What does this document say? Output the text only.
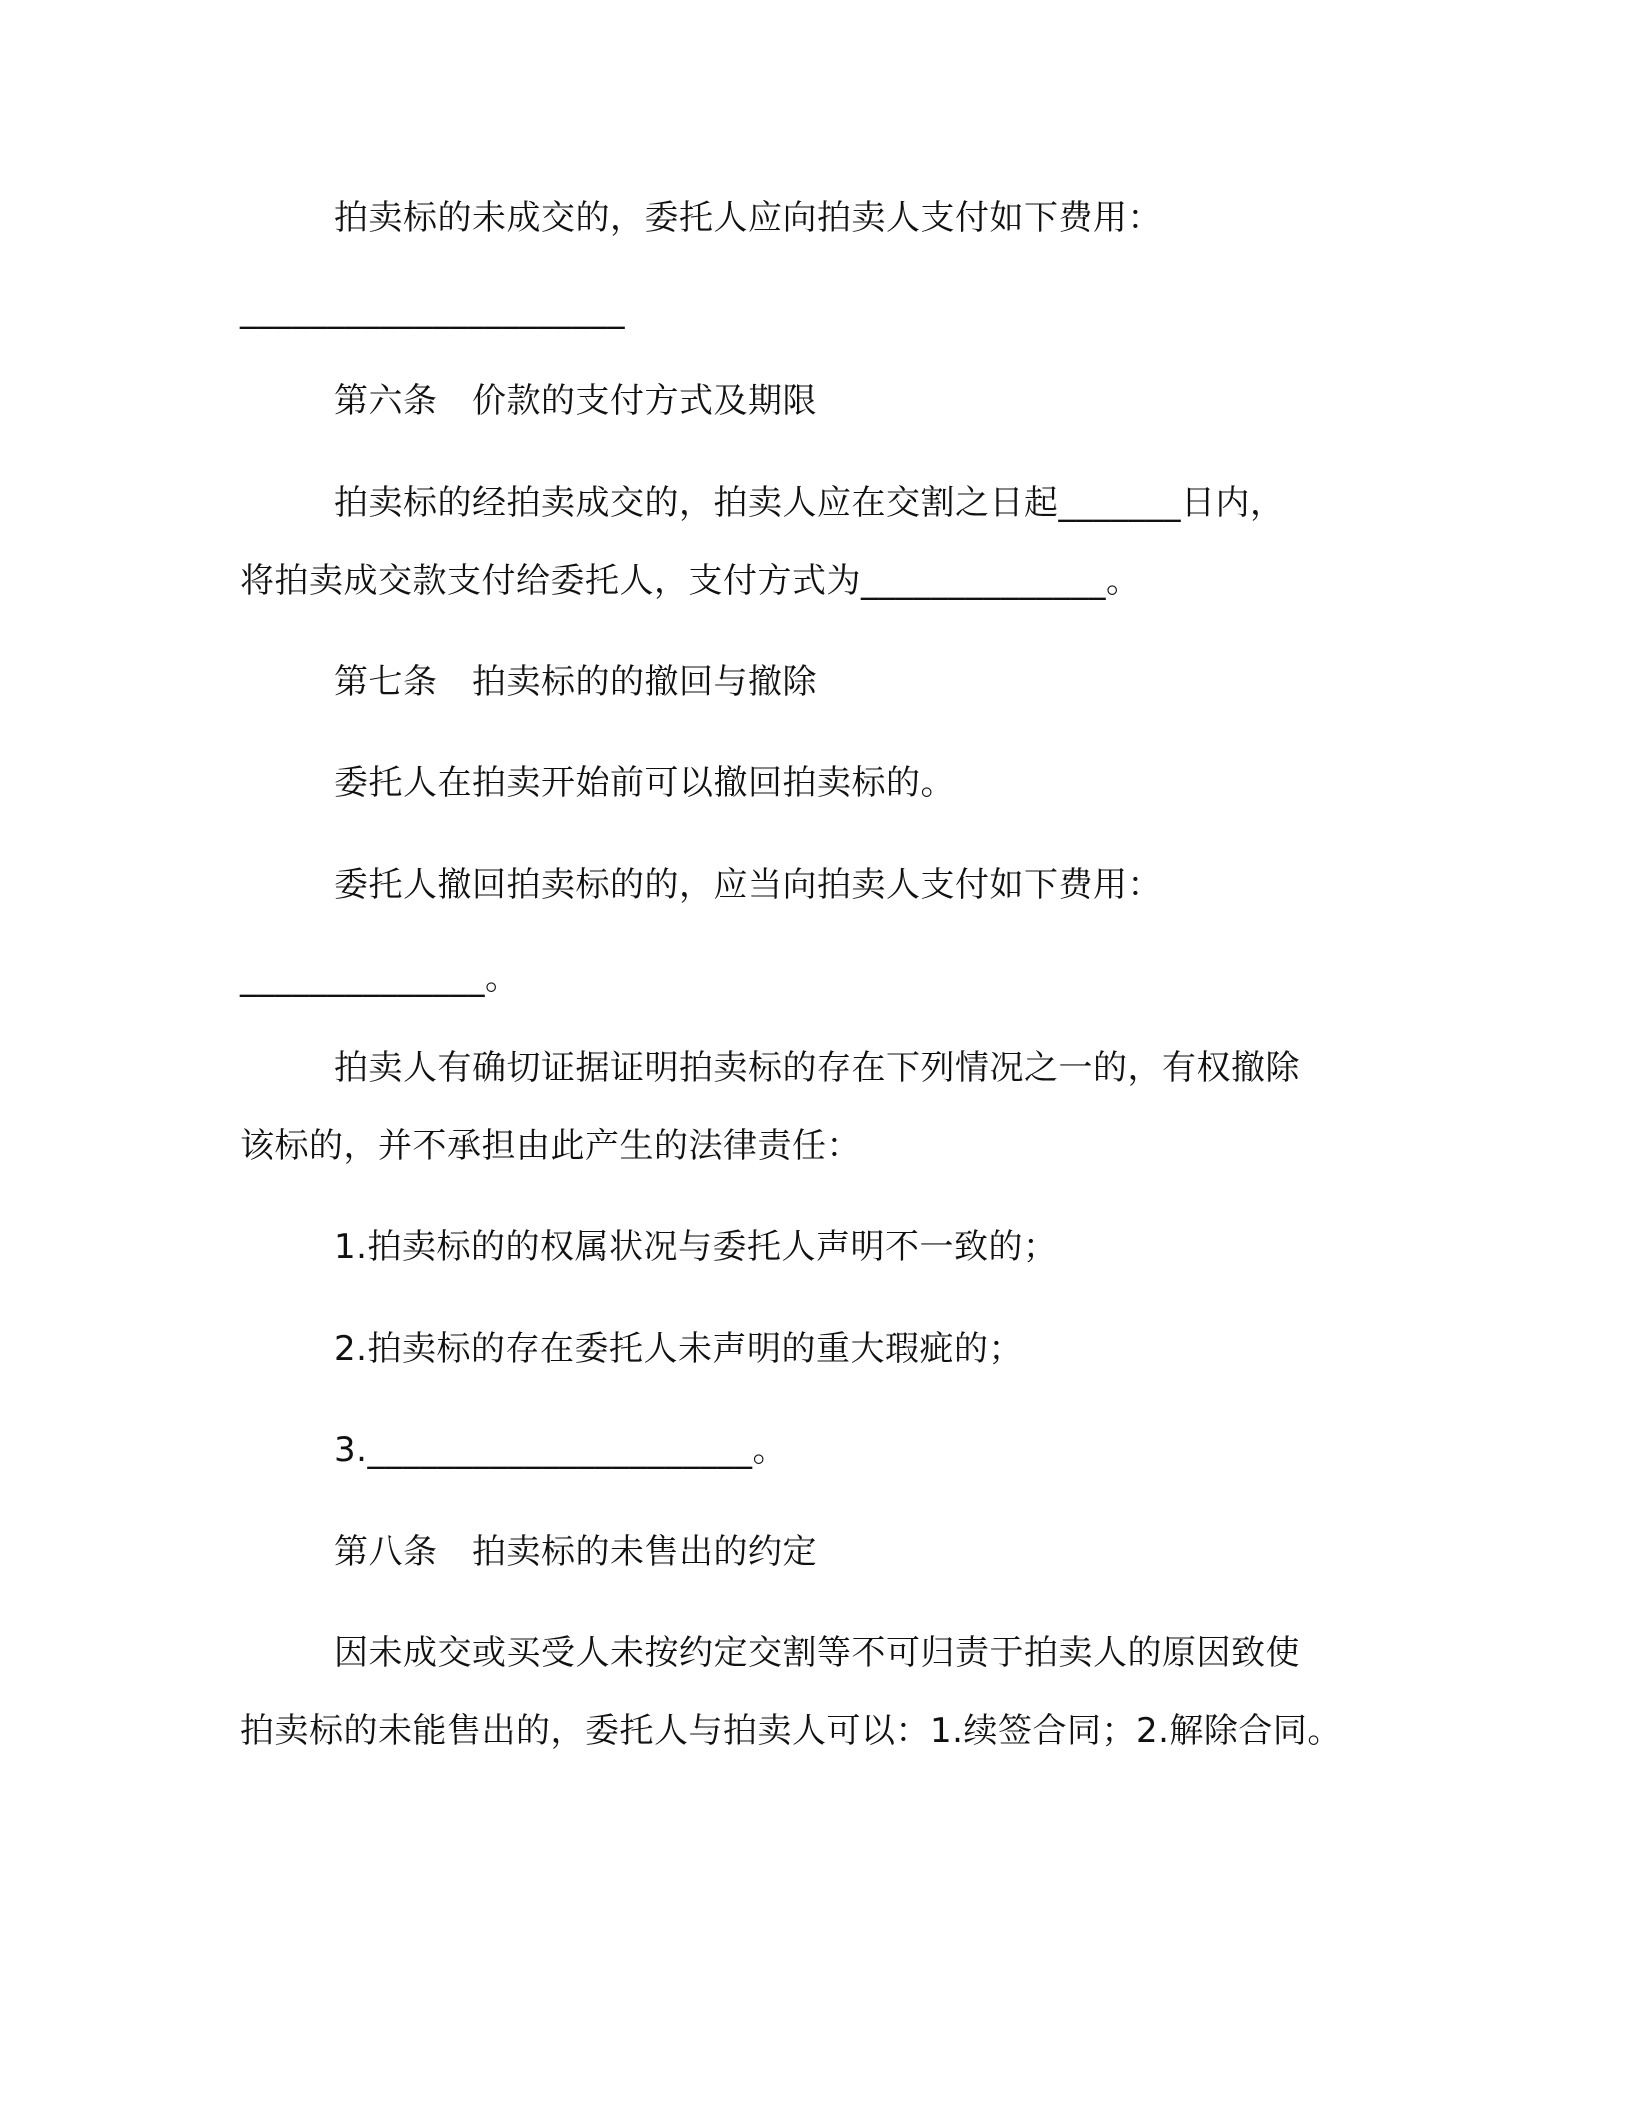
拍卖标的未成交的，委托人应向拍卖人支付如下费用：

______________________

第六条　价款的支付方式及期限

拍卖标的经拍卖成交的，拍卖人应在交割之日起_______日内，

将拍卖成交款支付给委托人，支付方式为______________。

第七条　拍卖标的的撤回与撤除

委托人在拍卖开始前可以撤回拍卖标的。

委托人撤回拍卖标的的，应当向拍卖人支付如下费用：

______________。

拍卖人有确切证据证明拍卖标的存在下列情况之一的，有权撤除

该标的，并不承担由此产生的法律责任：

1.拍卖标的的权属状况与委托人声明不一致的；

2.拍卖标的存在委托人未声明的重大瑕疵的；

3.______________________。

第八条　拍卖标的未售出的约定

因未成交或买受人未按约定交割等不可归责于拍卖人的原因致使

拍卖标的未能售出的，委托人与拍卖人可以：1.续签合同；2.解除合同。
